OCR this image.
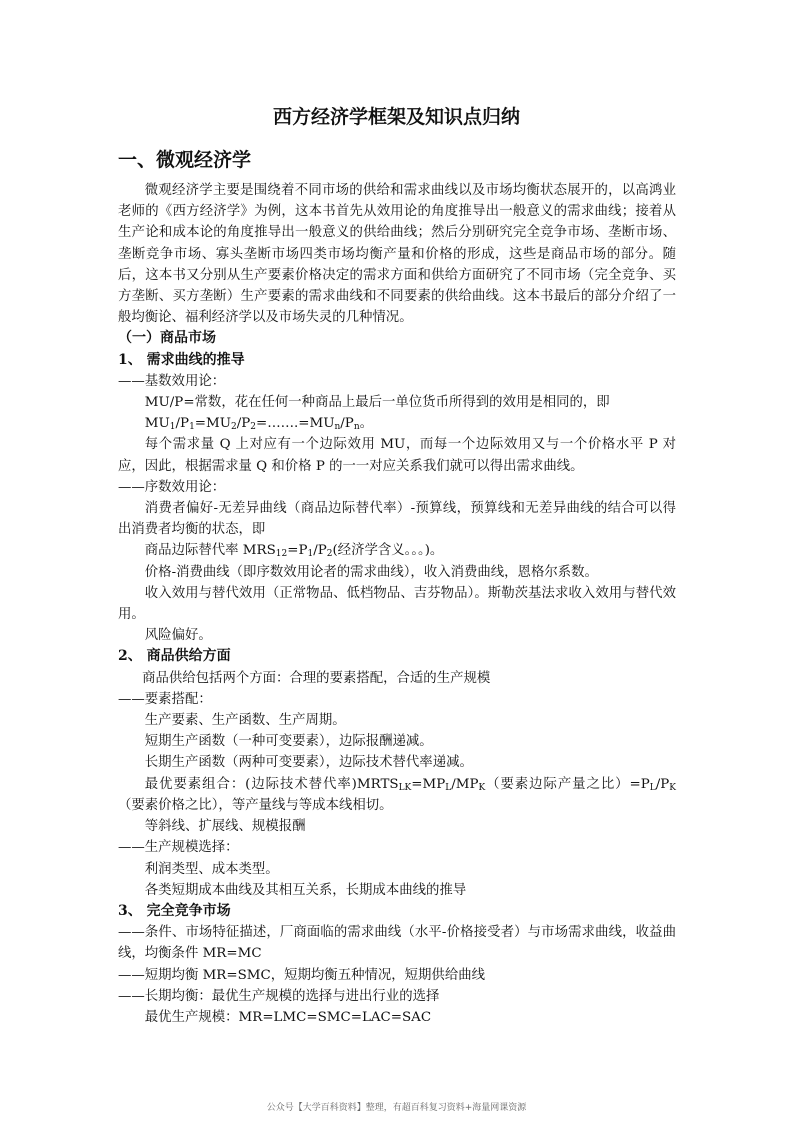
西方经济学框架及知识点归纳
一、微观经济学

微观经济学主要是围绕着不同市场的供给和需求曲线以及市场均衡状态展开的，以高鸿业老师的《西方经济学》为例，这本书首先从效用论的角度推导出一般意义的需求曲线；接着从生产论和成本论的角度推导出一般意义的供给曲线；然后分别研究完全竞争市场、垄断市场、垄断竞争市场、寡头垄断市场四类市场均衡产量和价格的形成，这些是商品市场的部分。随后，这本书又分别从生产要素价格决定的需求方面和供给方面研究了不同市场（完全竞争、买方垄断、买方垄断）生产要素的需求曲线和不同要素的供给曲线。这本书最后的部分介绍了一般均衡论、福利经济学以及市场失灵的几种情况。

（一）商品市场

1、 需求曲线的推导

——基数效用论：

MU/P=常数，花在任何一种商品上最后一单位货币所得到的效用是相同的，即

$MU_1/P_1=MU_2/P_2=\dots\dots.=MU_n/P_n$。

每个需求量 Q 上对应有一个边际效用 MU，而每一个边际效用又与一个价格水平 P 对应，因此，根据需求量 Q 和价格 P 的一一对应关系我们就可以得出需求曲线。

——序数效用论：

消费者偏好-无差异曲线（商品边际替代率）-预算线，预算线和无差异曲线的结合可以得出消费者均衡的状态，即

商品边际替代率 $MRS_{12}=P_1/P_2$(经济学含义。。。)。

价格-消费曲线（即序数效用论者的需求曲线），收入消费曲线，恩格尔系数。

收入效用与替代效用（正常物品、低档物品、吉芬物品）。斯勒茨基法求收入效用与替代效用。

风险偏好。

2、 商品供给方面

商品供给包括两个方面：合理的要素搭配，合适的生产规模

——要素搭配：

生产要素、生产函数、生产周期。

短期生产函数（一种可变要素），边际报酬递减。

长期生产函数（两种可变要素），边际技术替代率递减。

最优要素组合：(边际技术替代率)$MRTS_{LK}=MP_L/MP_K$（要素边际产量之比）$=P_L/P_K$（要素价格之比），等产量线与等成本线相切。

等斜线、扩展线、规模报酬

——生产规模选择：

利润类型、成本类型。

各类短期成本曲线及其相互关系，长期成本曲线的推导

3、 完全竞争市场

——条件、市场特征描述，厂商面临的需求曲线（水平-价格接受者）与市场需求曲线，收益曲线，均衡条件 MR=MC

——短期均衡 MR=SMC，短期均衡五种情况，短期供给曲线

——长期均衡：最优生产规模的选择与进出行业的选择

最优生产规模：MR=LMC=SMC=LAC=SAC

公众号【大学百科资料】整理，有超百科复习资料+海量网课资源
